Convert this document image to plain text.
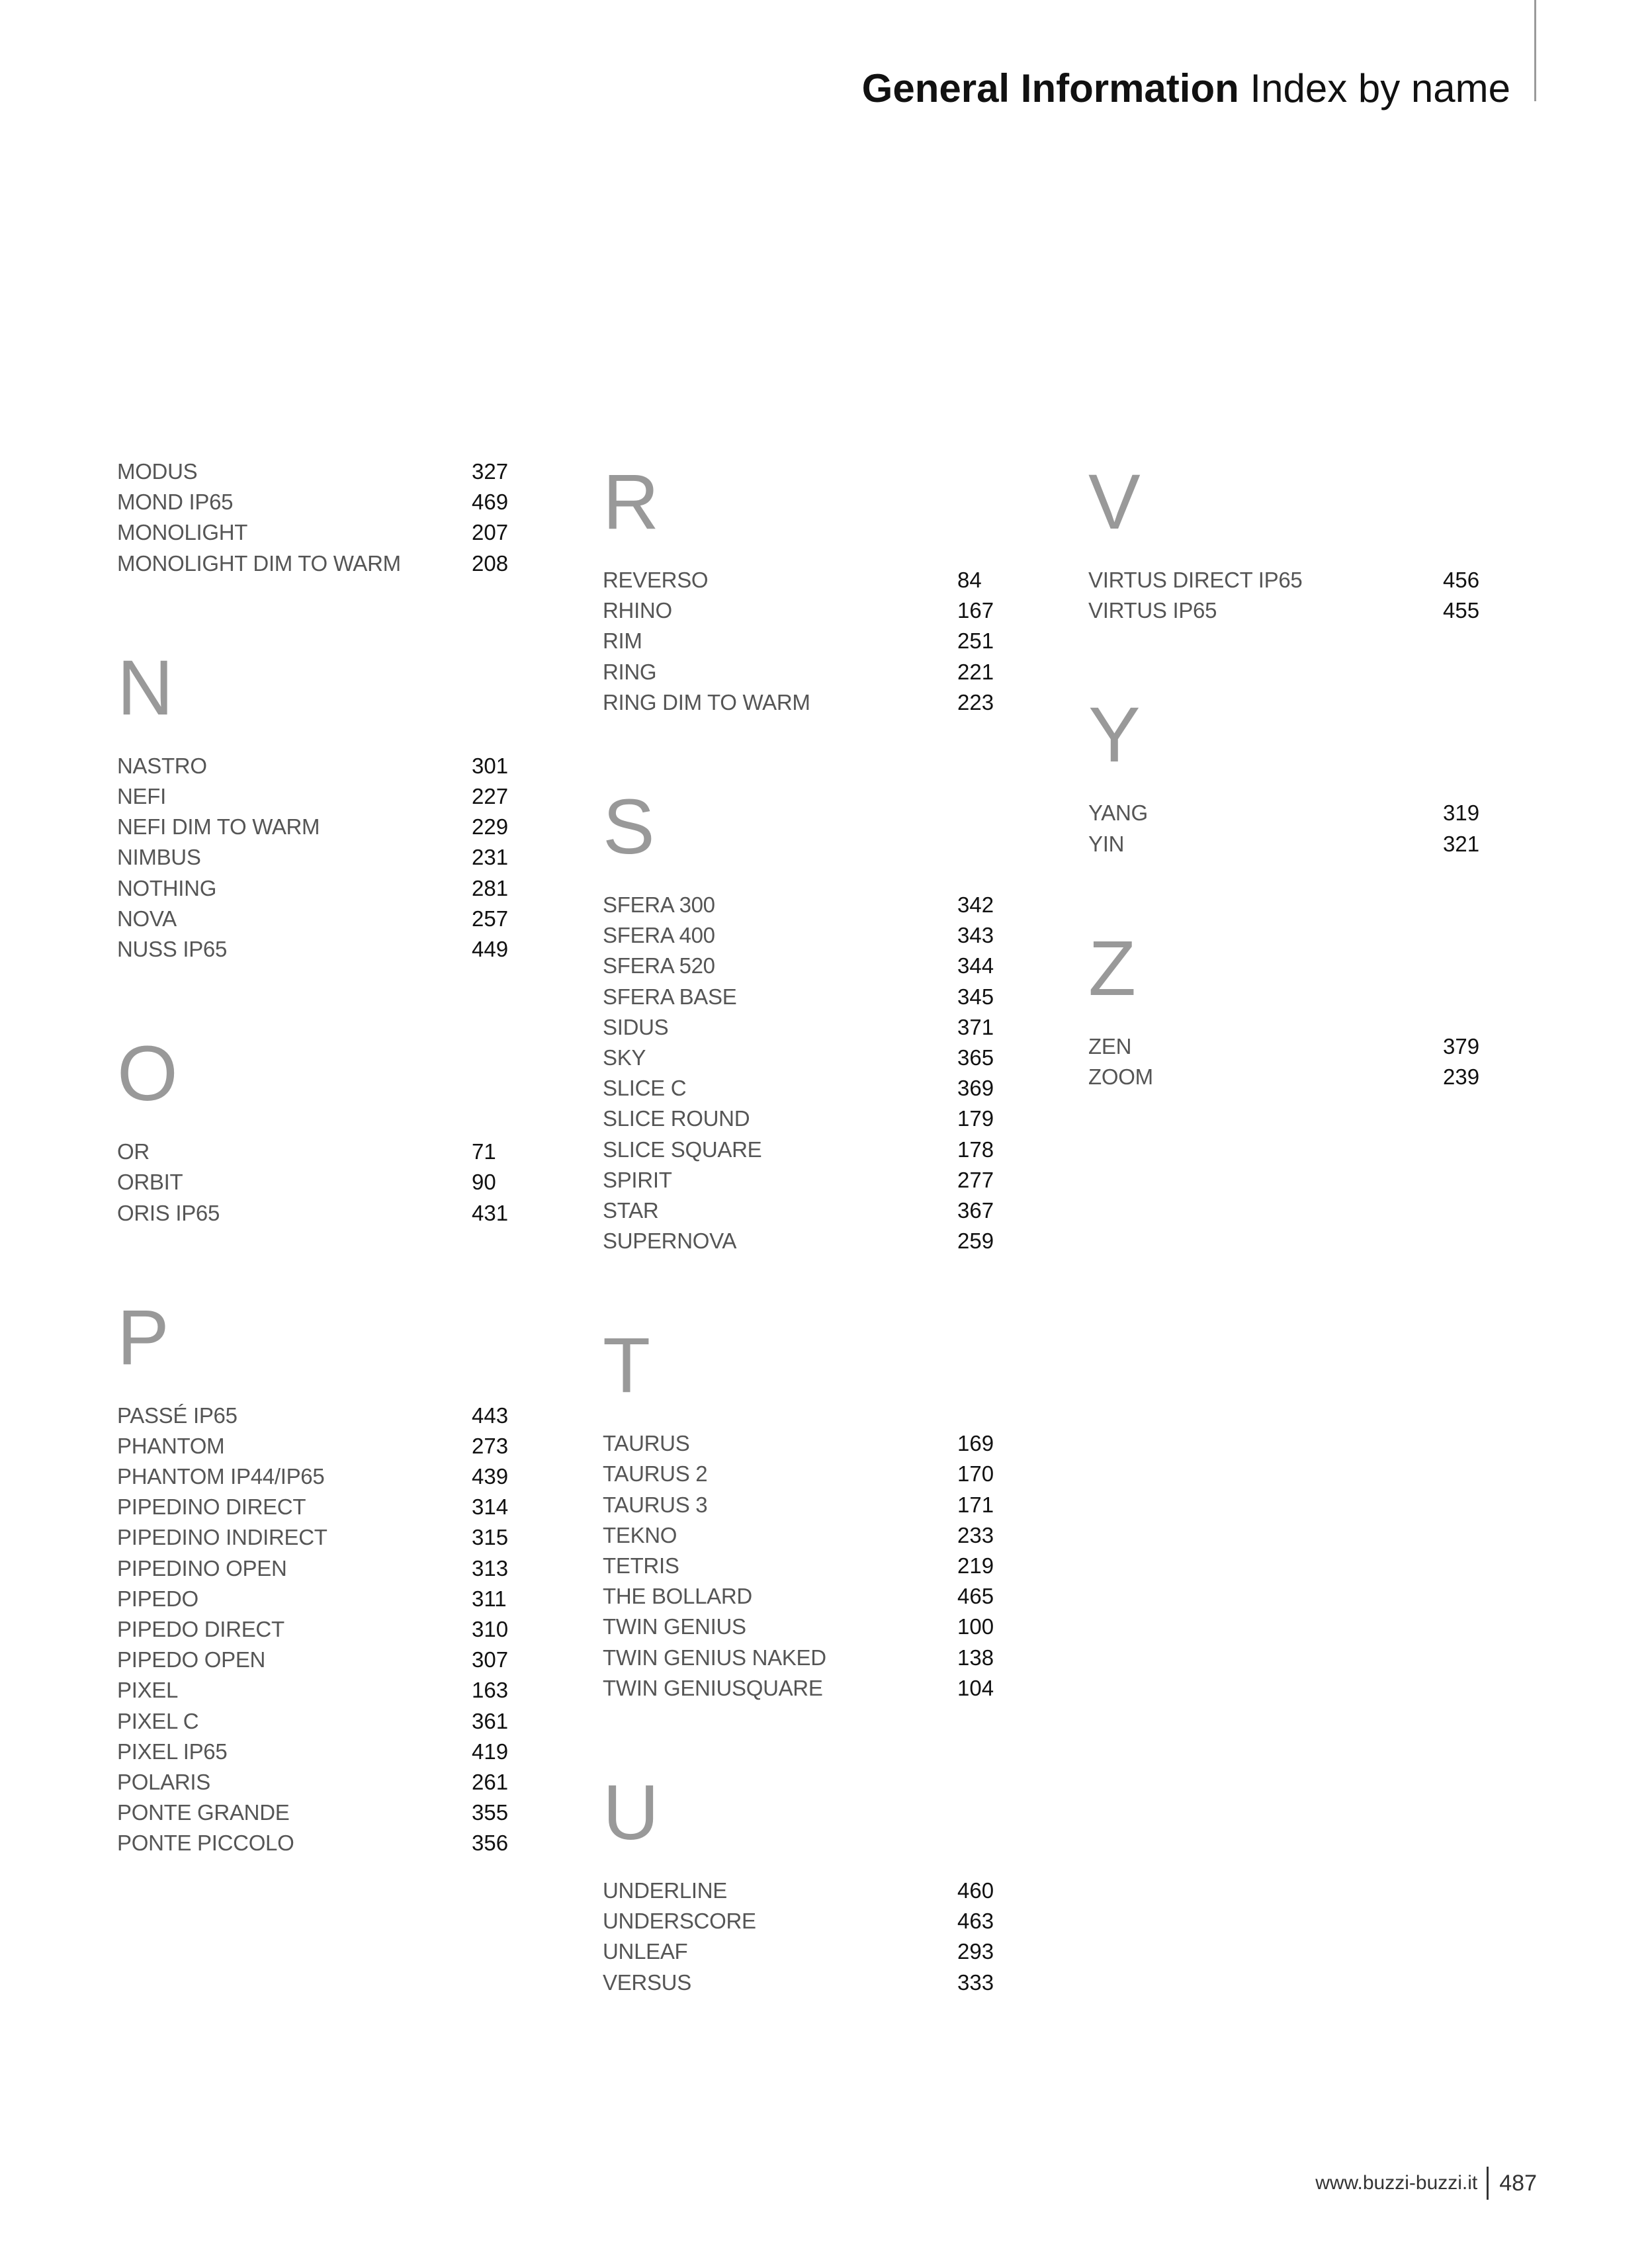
General Information Index by name
MODUS	327
MOND IP65	469
MONOLIGHT	207
MONOLIGHT DIM TO WARM	208
N
NASTRO	301
NEFI	227
NEFI DIM TO WARM	229
NIMBUS	231
NOTHING	281
NOVA	257
NUSS IP65	449
O
OR	71
ORBIT	90
ORIS IP65	431
P
PASSÉ IP65	443
PHANTOM	273
PHANTOM IP44/IP65	439
PIPEDINO DIRECT	314
PIPEDINO INDIRECT	315
PIPEDINO OPEN	313
PIPEDO	311
PIPEDO DIRECT	310
PIPEDO OPEN	307
PIXEL	163
PIXEL C	361
PIXEL IP65	419
POLARIS	261
PONTE GRANDE	355
PONTE PICCOLO	356
R
REVERSO	84
RHINO	167
RIM	251
RING	221
RING DIM TO WARM	223
S
SFERA 300	342
SFERA 400	343
SFERA 520	344
SFERA BASE	345
SIDUS	371
SKY	365
SLICE C	369
SLICE ROUND	179
SLICE SQUARE	178
SPIRIT	277
STAR	367
SUPERNOVA	259
T
TAURUS	169
TAURUS 2	170
TAURUS 3	171
TEKNO	233
TETRIS	219
THE BOLLARD	465
TWIN GENIUS	100
TWIN GENIUS NAKED	138
TWIN GENIUSQUARE	104
U
UNDERLINE	460
UNDERSCORE	463
UNLEAF	293
VERSUS	333
V
VIRTUS DIRECT IP65	456
VIRTUS IP65	455
Y
YANG	319
YIN	321
Z
ZEN	379
ZOOM	239
www.buzzi-buzzi.it 487
